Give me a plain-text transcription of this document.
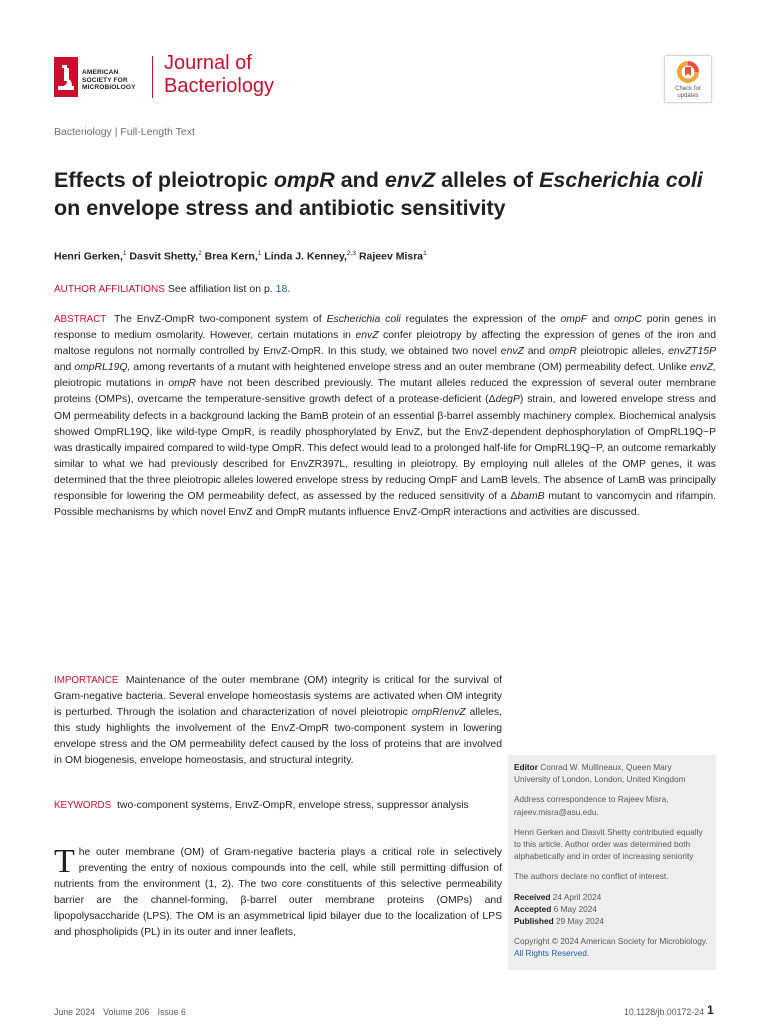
AMERICAN
SOCIETY FOR
MICROBIOLOGY
Journal of
Bacteriology	Check for
updates
Bacteriology | Full-Length Text
Effects of pleiotropic ompR and envZ alleles of Escherichia coli on envelope stress and antibiotic sensitivity
Henri Gerken,$^1$ Dasvit Shetty,$^2$ Brea Kern,$^1$ Linda J. Kenney,$^{2,3}$ Rajeev Misra$^1$
AUTHOR AFFILIATIONS See affiliation list on p. 18.
ABSTRACT The EnvZ-OmpR two-component system of Escherichia coli regulates the expression of the ompF and ompC porin genes in response to medium osmolarity. However, certain mutations in envZ confer pleiotropy by affecting the expression of genes of the iron and maltose regulons not normally controlled by EnvZ-OmpR. In this study, we obtained two novel envZ and ompR pleiotropic alleles, envZT15P and ompRL19Q, among revertants of a mutant with heightened envelope stress and an outer membrane (OM) permeability defect. Unlike envZ, pleiotropic mutations in ompR have not been described previously. The mutant alleles reduced the expression of several outer membrane proteins (OMPs), overcame the temperature-sensitive growth defect of a protease-deficient (ΔdegP) strain, and lowered envelope stress and OM permeability defects in a background lacking the BamB protein of an essential β-barrel assembly machinery complex. Biochemical analysis showed OmpRL19Q, like wild-type OmpR, is readily phosphorylated by EnvZ, but the EnvZ-dependent dephosphorylation of OmpRL19Q~P was drastically impaired compared to wild-type OmpR. This defect would lead to a prolonged half-life for OmpRL19Q~P, an outcome remarkably similar to what we had previously described for EnvZR397L, resulting in pleiotropy. By employing null alleles of the OMP genes, it was determined that the three pleiotropic alleles lowered envelope stress by reducing OmpF and LamB levels. The absence of LamB was principally responsible for lowering the OM permeability defect, as assessed by the reduced sensitivity of a ΔbamB mutant to vancomycin and rifampin. Possible mechanisms by which novel EnvZ and OmpR mutants influence EnvZ-OmpR interactions and activities are discussed.
IMPORTANCE Maintenance of the outer membrane (OM) integrity is critical for the survival of Gram-negative bacteria. Several envelope homeostasis systems are activated when OM integrity is perturbed. Through the isolation and characterization of novel pleiotropic ompR/envZ alleles, this study highlights the involvement of the EnvZ-OmpR two-component system in lowering envelope stress and the OM permeability defect caused by the loss of proteins that are involved in OM biogenesis, envelope homeostasis, and structural integrity.
KEYWORDS two-component systems, EnvZ-OmpR, envelope stress, suppressor analysis
The outer membrane (OM) of Gram-negative bacteria plays a critical role in selectively preventing the entry of noxious compounds into the cell, while still permitting diffusion of nutrients from the environment (1, 2). The two core constituents of this selective permeability barrier are the channel-forming, β-barrel outer membrane proteins (OMPs) and lipopolysaccharide (LPS). The OM is an asymmetrical lipid bilayer due to the localization of LPS and phospholipids (PL) in its outer and inner leaflets,
Editor Conrad W. Mullineaux, Queen Mary University of London, London, United Kingdom
Address correspondence to Rajeev Misra, rajeev.misra@asu.edu.
Henri Gerken and Dasvit Shetty contributed equally to this article. Author order was determined both alphabetically and in order of increasing seniority
The authors declare no conflict of interest.
Received 24 April 2024
Accepted 6 May 2024
Published 29 May 2024
Copyright © 2024 American Society for Microbiology. All Rights Reserved.
June 2024 Volume 206 Issue 6	10.1128/jb.00172-24 1
